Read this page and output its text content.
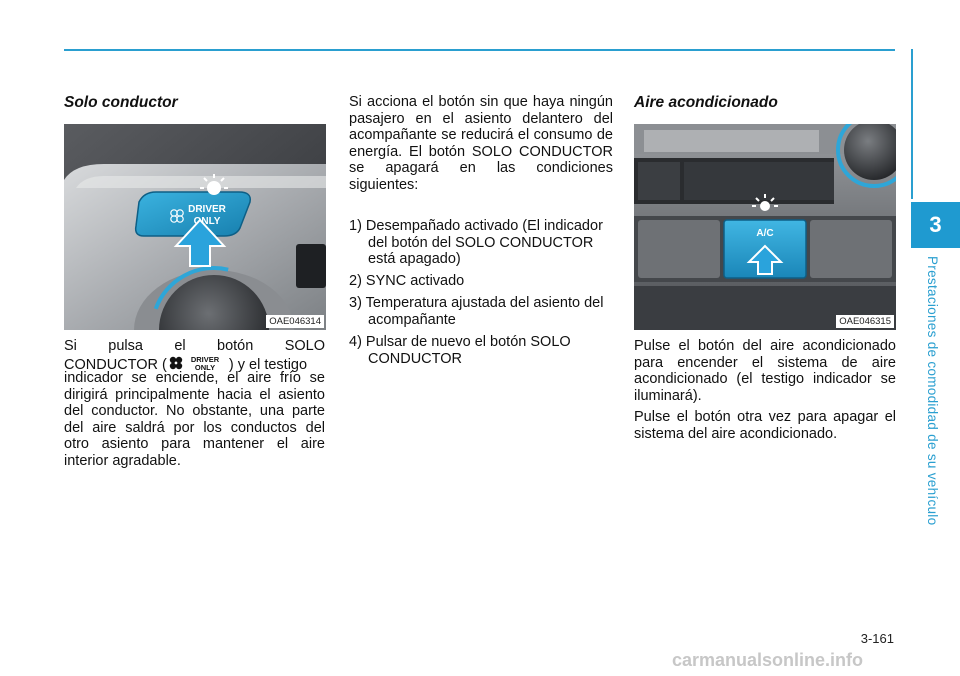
3
Prestaciones de comodidad de su vehículo
Solo conductor
DRIVER
ONLY
OAE046314
Si pulsa el botón SOLO
CONDUCTOR (	DRIVER
ONLY ) y el testigo
indicador se enciende, el aire frío se dirigirá principalmente hacia el asiento del conductor. No obstante, una parte del aire saldrá por los conductos del otro asiento para mantener el aire interior agradable.
Si acciona el botón sin que haya ningún pasajero en el asiento delantero del acompañante se reducirá el consumo de energía. El botón SOLO CONDUCTOR se apagará en las condiciones siguientes:
1) Desempañado activado (El indicador del botón del SOLO CONDUCTOR está apagado)
2) SYNC activado
3) Temperatura ajustada del asiento del acompañante
4) Pulsar de nuevo el botón SOLO CONDUCTOR
Aire acondicionado
A/C
OAE046315
Pulse el botón del aire acondicionado para encender el sistema de aire acondicionado (el testigo indicador se iluminará).
Pulse el botón otra vez para apagar el sistema del aire acondicionado.
3-161
carmanualsonline.info
